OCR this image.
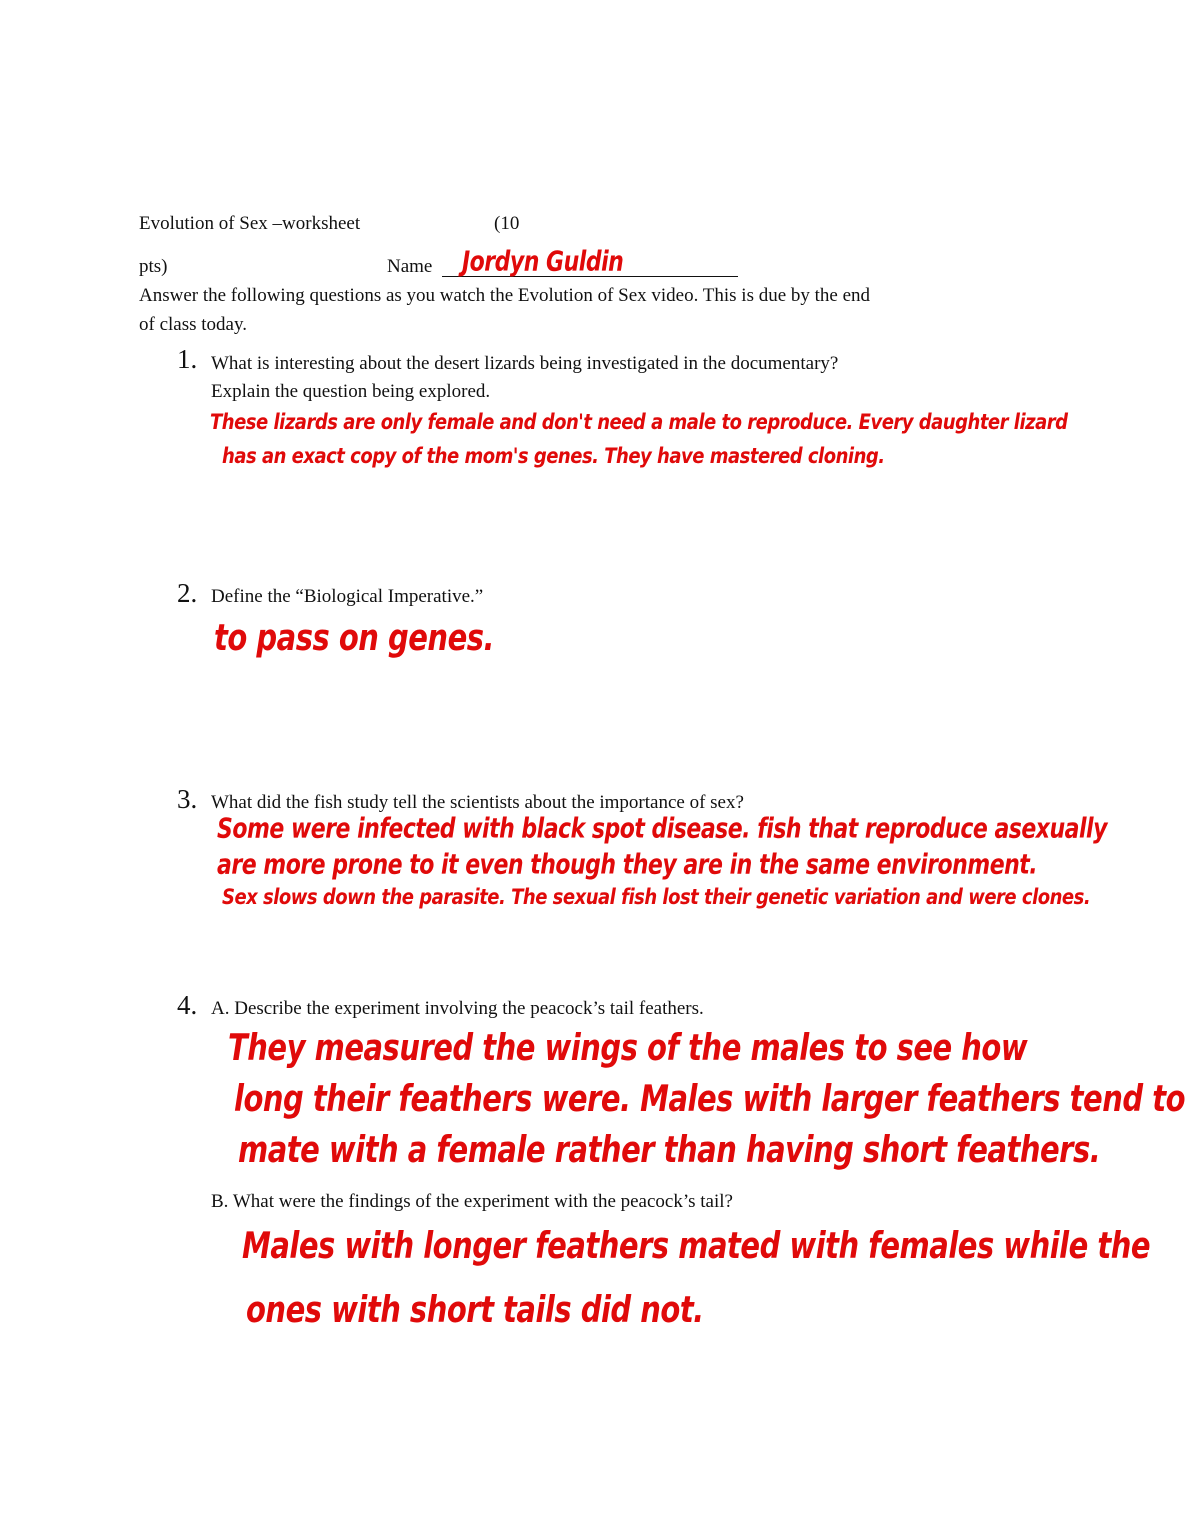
Evolution of Sex –worksheet	(10
pts)	Name Jordyn Guldin
Answer the following questions as you watch the Evolution of Sex video. This is due by the end
of class today.
1. What is interesting about the desert lizards being investigated in the documentary?
Explain the question being explored.
These lizards are only female and don't need a male to reproduce. Every daughter lizard
has an exact copy of the mom's genes. They have mastered cloning.
2. Define the “Biological Imperative.”
to pass on genes.
3. What did the fish study tell the scientists about the importance of sex?
Some were infected with black spot disease. fish that reproduce asexually
are more prone to it even though they are in the same environment.
Sex slows down the parasite. The sexual fish lost their genetic variation and were clones.
4. A. Describe the experiment involving the peacock’s tail feathers.
They measured the wings of the males to see how
long their feathers were. Males with larger feathers tend to
mate with a female rather than having short feathers.
B. What were the findings of the experiment with the peacock’s tail?
Males with longer feathers mated with females while the
ones with short tails did not.
